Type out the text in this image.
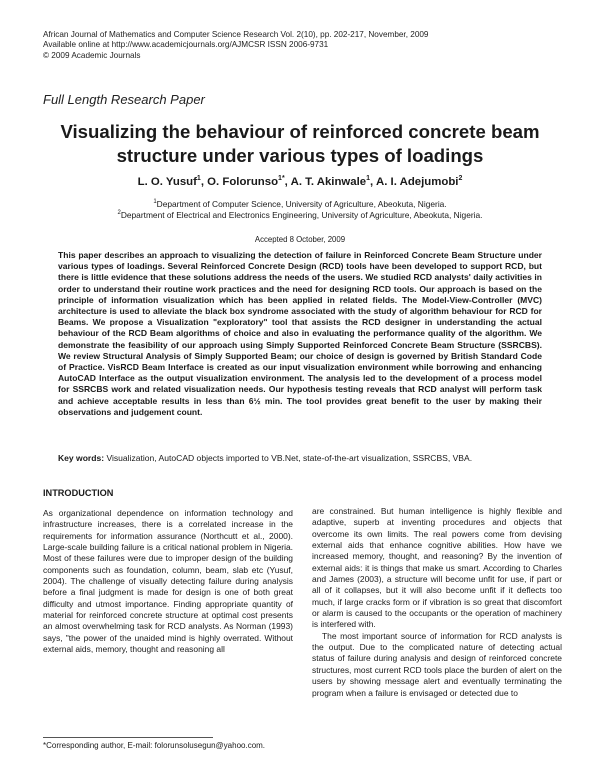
African Journal of Mathematics and Computer Science Research Vol. 2(10), pp. 202-217, November, 2009
Available online at http://www.academicjournals.org/AJMCSR ISSN 2006-9731
© 2009 Academic Journals
Full Length Research Paper
Visualizing the behaviour of reinforced concrete beam structure under various types of loadings
L. O. Yusuf$^1$, O. Folorunso$^{1*}$, A. T. Akinwale$^1$, A. I. Adejumobi$^2$
$^1$Department of Computer Science, University of Agriculture, Abeokuta, Nigeria.
$^2$Department of Electrical and Electronics Engineering, University of Agriculture, Abeokuta, Nigeria.
Accepted 8 October, 2009

This paper describes an approach to visualizing the detection of failure in Reinforced Concrete Beam Structure under various types of loadings. Several Reinforced Concrete Design (RCD) tools have been developed to support RCD, but there is little evidence that these solutions address the needs of the users. We studied RCD analysts' daily activities in order to understand their routine work practices and the need for designing RCD tools. Our approach is based on the principle of information visualization which has been applied in related fields. The Model-View-Controller (MVC) architecture is used to alleviate the black box syndrome associated with the study of algorithm behaviour for RCD for Beams. We propose a Visualization "exploratory" tool that assists the RCD designer in understanding the actual behaviour of the RCD Beam algorithms of choice and also in evaluating the performance quality of the algorithm. We demonstrate the feasibility of our approach using Simply Supported Reinforced Concrete Beam Structure (SSRCBS). We review Structural Analysis of Simply Supported Beam; our choice of design is governed by British Standard Code of Practice. VisRCD Beam Interface is created as our input visualization environment while borrowing and enhancing AutoCAD Interface as the output visualization environment. The analysis led to the development of a process model for SSRCBS work and related visualization needs. Our hypothesis testing reveals that RCD analyst will perform task and achieve acceptable results in less than 6½ min. The tool provides great benefit to the user by making their observations and judgement count.

Key words: Visualization, AutoCAD objects imported to VB.Net, state-of-the-art visualization, SSRCBS, VBA.

INTRODUCTION

As organizational dependence on information technology and infrastructure increases, there is a correlated increase in the requirements for information assurance (Northcutt et al., 2000). Large-scale building failure is a critical national problem in Nigeria. Most of these failures were due to improper design of the building components such as foundation, column, beam, slab etc (Yusuf, 2004). The challenge of visually detecting failure during analysis before a final judgment is made for design is one of both great difficulty and utmost importance. Finding appropriate quantity of material for reinforced concrete structure at optimal cost presents an almost overwhelming task for RCD analysts. As Norman (1993) says, "the power of the unaided mind is highly overrated. Without external aids, memory, thought and reasoning all

are constrained. But human intelligence is highly flexible and adaptive, superb at inventing procedures and objects that overcome its own limits. The real powers come from devising external aids that enhance cognitive abilities. How have we increased memory, thought, and reasoning? By the invention of external aids: it is things that make us smart. According to Charles and James (2003), a structure will become unfit for use, if part or all of it collapses, but it will also become unfit if it deflects too much, if large cracks form or if vibration is so great that discomfort or alarm is caused to the occupants or the operation of machinery is interfered with.

The most important source of information for RCD analysts is the output. Due to the complicated nature of detecting actual status of failure during analysis and design of reinforced concrete structures, most current RCD tools place the burden of alert on the users by showing message alert and eventually terminating the program when a failure is envisaged or detected due to

*Corresponding author, E-mail: folorunsolusegun@yahoo.com.
